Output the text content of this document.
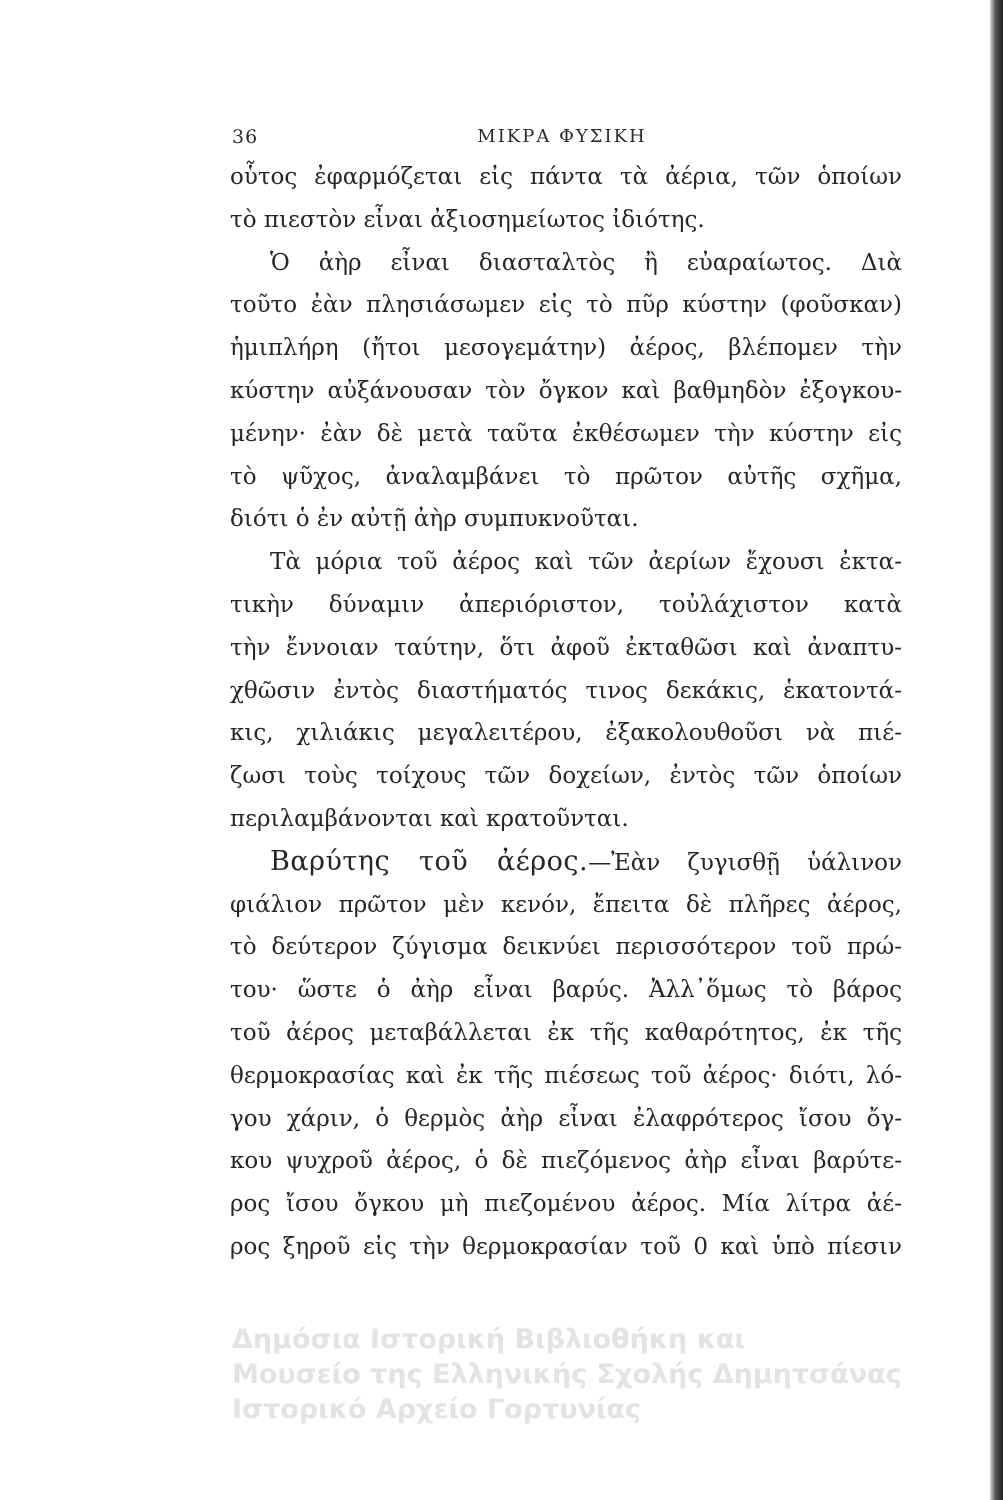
36	ΜΙΚΡΑ ΦΥΣΙΚΗ
οὗτος ἐφαρμόζεται εἰς πάντα τὰ ἀέρια, τῶν ὁποίων
τὸ πιεστὸν εἶναι ἀξιοσημείωτος ἰδιότης.
Ὁ ἀὴρ εἶναι διασταλτὸς ἢ εὐαραίωτος. Διὰ
τοῦτο ἐὰν πλησιάσωμεν εἰς τὸ πῦρ κύστην (φοῦσκαν)
ἡμιπλήρη (ἤτοι μεσογεμάτην) ἀέρος, βλέπομεν τὴν
κύστην αὐξάνουσαν τὸν ὄγκον καὶ βαθμηδὸν ἐξογκου-
μένην· ἐὰν δὲ μετὰ ταῦτα ἐκθέσωμεν τὴν κύστην εἰς
τὸ ψῦχος, ἀναλαμβάνει τὸ πρῶτον αὐτῆς σχῆμα,
διότι ὁ ἐν αὐτῇ ἀὴρ συμπυκνοῦται.
Τὰ μόρια τοῦ ἀέρος καὶ τῶν ἀερίων ἔχουσι ἐκτα-
τικὴν δύναμιν ἀπεριόριστον, τοὐλάχιστον κατὰ
τὴν ἔννοιαν ταύτην, ὅτι ἀφοῦ ἐκταθῶσι καὶ ἀναπτυ-
χθῶσιν ἐντὸς διαστήματός τινος δεκάκις, ἑκατοντά-
κις, χιλιάκις μεγαλειτέρου, ἐξακολουθοῦσι νὰ πιέ-
ζωσι τοὺς τοίχους τῶν δοχείων, ἐντὸς τῶν ὁποίων
περιλαμβάνονται καὶ κρατοῦνται.
Βαρύτης τοῦ ἀέρος.—Ἐὰν ζυγισθῇ ὑάλινον
φιάλιον πρῶτον μὲν κενόν, ἔπειτα δὲ πλῆρες ἀέρος,
τὸ δεύτερον ζύγισμα δεικνύει περισσότερον τοῦ πρώ-
του· ὥστε ὁ ἀὴρ εἶναι βαρύς. Ἀλλ᾽ὅμως τὸ βάρος
τοῦ ἀέρος μεταβάλλεται ἐκ τῆς καθαρότητος, ἐκ τῆς
θερμοκρασίας καὶ ἐκ τῆς πιέσεως τοῦ ἀέρος· διότι, λό-
γου χάριν, ὁ θερμὸς ἀὴρ εἶναι ἐλαφρότερος ἴσου ὄγ-
κου ψυχροῦ ἀέρος, ὁ δὲ πιεζόμενος ἀὴρ εἶναι βαρύτε-
ρος ἴσου ὄγκου μὴ πιεζομένου ἀέρος. Μία λίτρα ἀέ-
ρος ξηροῦ εἰς τὴν θερμοκρασίαν τοῦ 0 καὶ ὑπὸ πίεσιν
Δημόσια Ιστορική Βιβλιοθήκη και
Μουσείο της Ελληνικής Σχολής Δημητσάνας
Ιστορικό Αρχείο Γορτυνίας
